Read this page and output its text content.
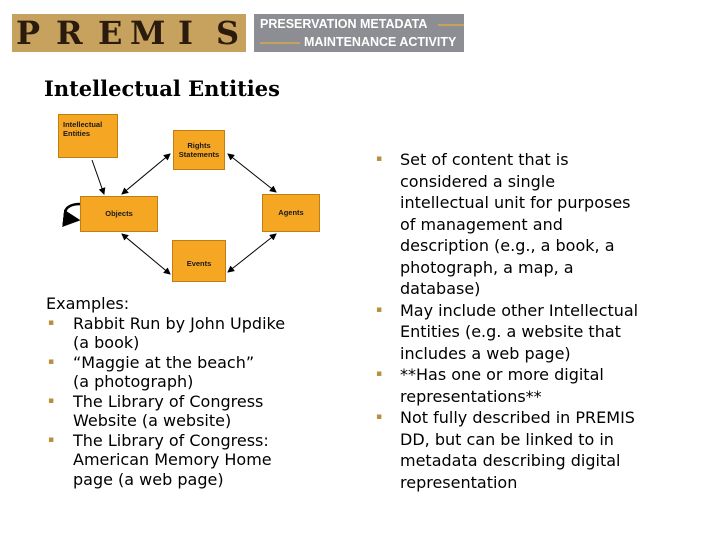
P R E M I S PRESERVATION METADATA
MAINTENANCE ACTIVITY
Intellectual Entities
Intellectual
Entities
Rights
Statements
Objects	Agents
Events
Examples:
▪ Rabbit Run by John Updike
(a book)
▪ “Maggie at the beach”
(a photograph)
▪ The Library of Congress
Website (a website)
▪ The Library of Congress:
American Memory Home
page (a web page)
▪ Set of content that is
considered a single
intellectual unit for purposes
of management and
description (e.g., a book, a
photograph, a map, a
database)
▪ May include other Intellectual
Entities (e.g. a website that
includes a web page)
▪ **Has one or more digital
representations**
▪ Not fully described in PREMIS
DD, but can be linked to in
metadata describing digital
representation
